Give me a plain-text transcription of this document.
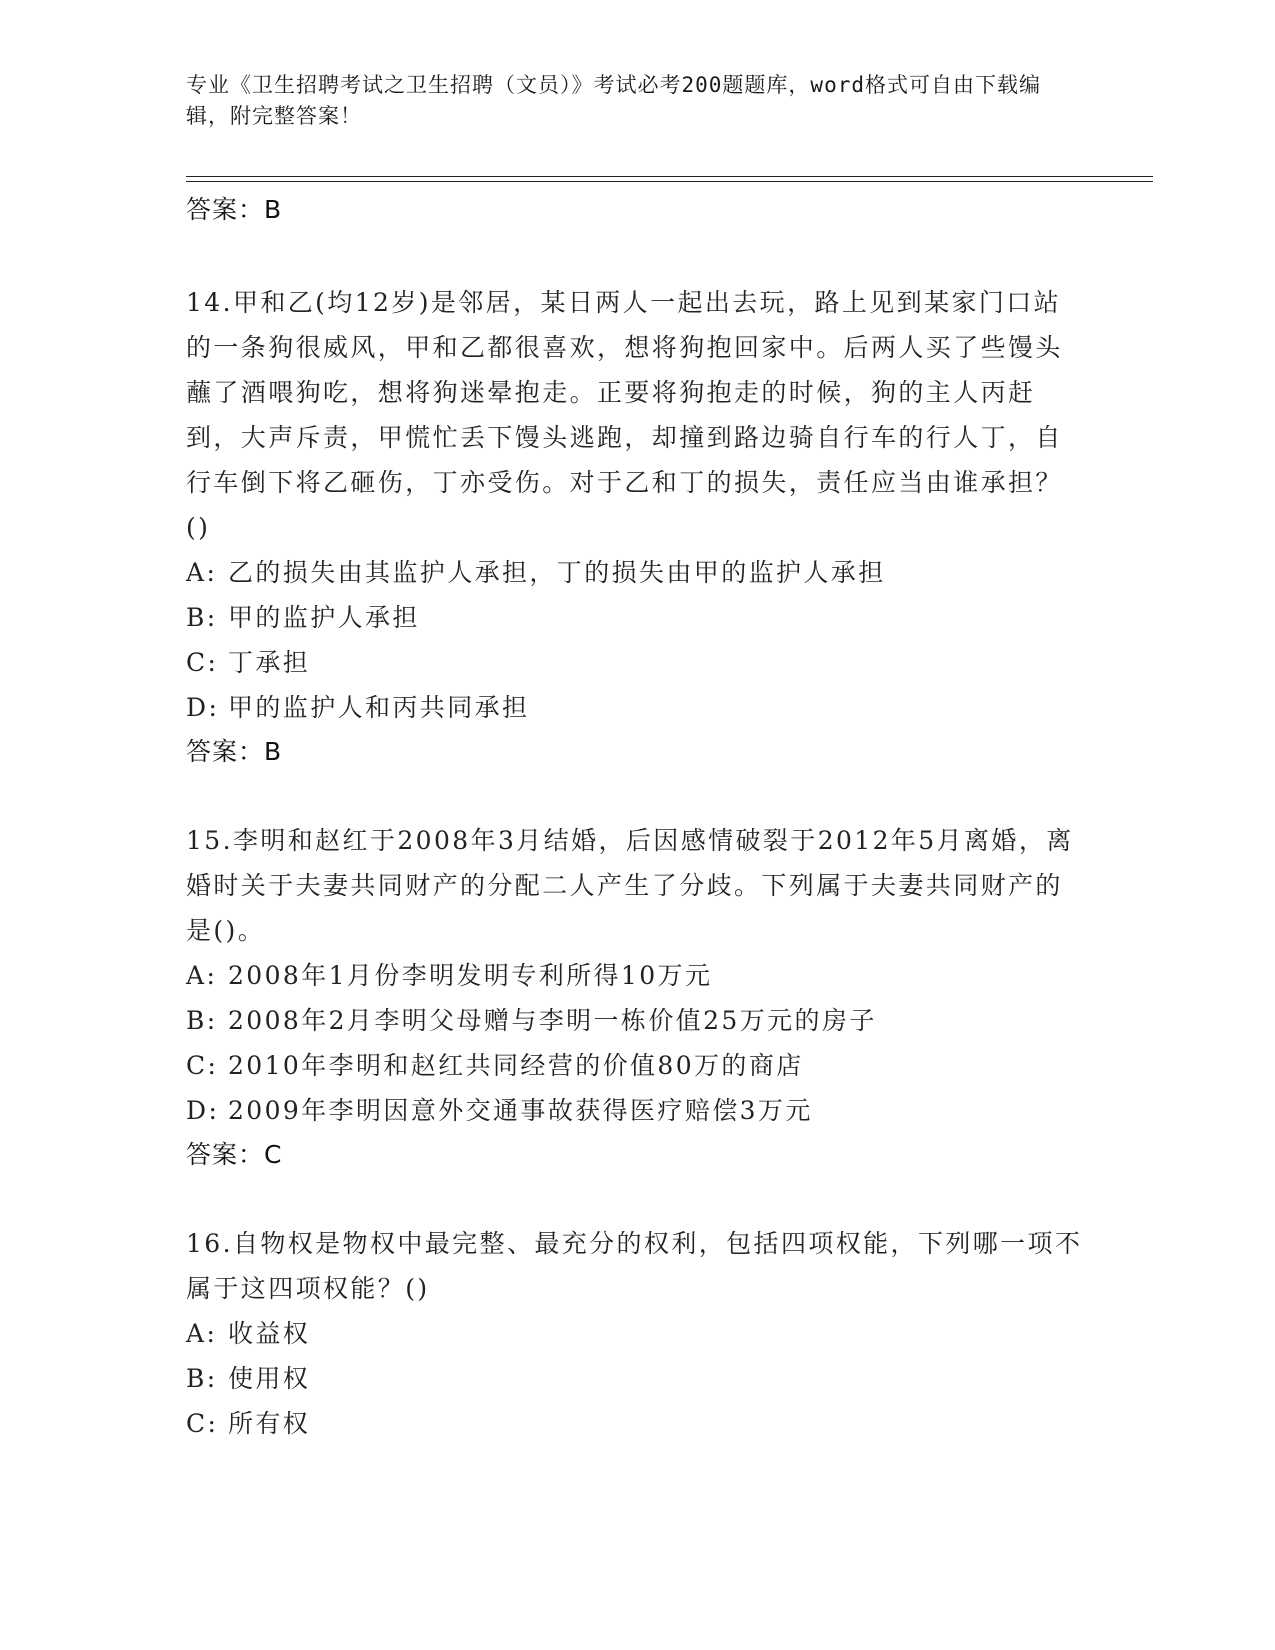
专业《卫生招聘考试之卫生招聘（文员）》考试必考200题题库，word格式可自由下载编辑，附完整答案！
答案：B

14.甲和乙(均12岁)是邻居，某日两人一起出去玩，路上见到某家门口站的一条狗很威风，甲和乙都很喜欢，想将狗抱回家中。后两人买了些馒头蘸了酒喂狗吃，想将狗迷晕抱走。正要将狗抱走的时候，狗的主人丙赶到，大声斥责，甲慌忙丢下馒头逃跑，却撞到路边骑自行车的行人丁，自行车倒下将乙砸伤，丁亦受伤。对于乙和丁的损失，责任应当由谁承担？()

A: 乙的损失由其监护人承担，丁的损失由甲的监护人承担

B: 甲的监护人承担

C: 丁承担

D: 甲的监护人和丙共同承担

答案：B

15.李明和赵红于2008年3月结婚，后因感情破裂于2012年5月离婚，离婚时关于夫妻共同财产的分配二人产生了分歧。下列属于夫妻共同财产的是()。

A: 2008年1月份李明发明专利所得10万元

B: 2008年2月李明父母赠与李明一栋价值25万元的房子

C: 2010年李明和赵红共同经营的价值80万的商店

D: 2009年李明因意外交通事故获得医疗赔偿3万元

答案：C

16.自物权是物权中最完整、最充分的权利，包括四项权能，下列哪一项不属于这四项权能？()

A: 收益权

B: 使用权

C: 所有权
